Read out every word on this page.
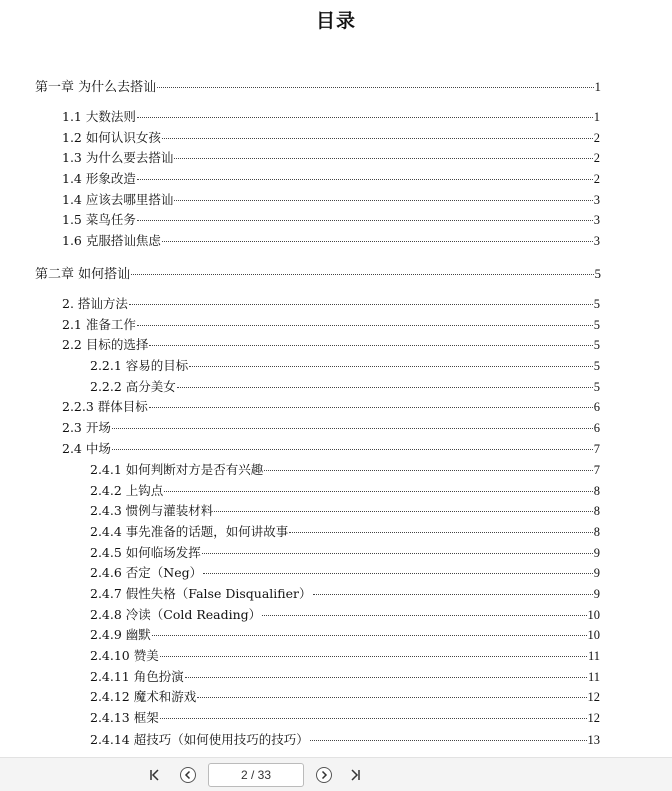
目录
第一章 为什么去搭讪	1
1.1 大数法则	1
1.2 如何认识女孩	2
1.3 为什么要去搭讪	2
1.4 形象改造	2
1.4 应该去哪里搭讪	3
1.5 菜鸟任务	3
1.6 克服搭讪焦虑	3
第二章 如何搭讪	5
2. 搭讪方法	5
2.1 准备工作	5
2.2 目标的选择	5
2.2.1 容易的目标	5
2.2.2 高分美女	5
2.2.3 群体目标	6
2.3 开场	6
2.4 中场	7
2.4.1 如何判断对方是否有兴趣	7
2.4.2 上钩点	8
2.4.3 惯例与灌装材料	8
2.4.4 事先准备的话题，如何讲故事	8
2.4.5 如何临场发挥	9
2.4.6 否定（Neg）	9
2.4.7 假性失格（False Disqualifier）	9
2.4.8 冷读（Cold Reading）	10
2.4.9 幽默	10
2.4.10 赞美	11
2.4.11 角色扮演	11
2.4.12 魔术和游戏	12
2.4.13 框架	12
2.4.14 超技巧（如何使用技巧的技巧）	13
2 / 33
